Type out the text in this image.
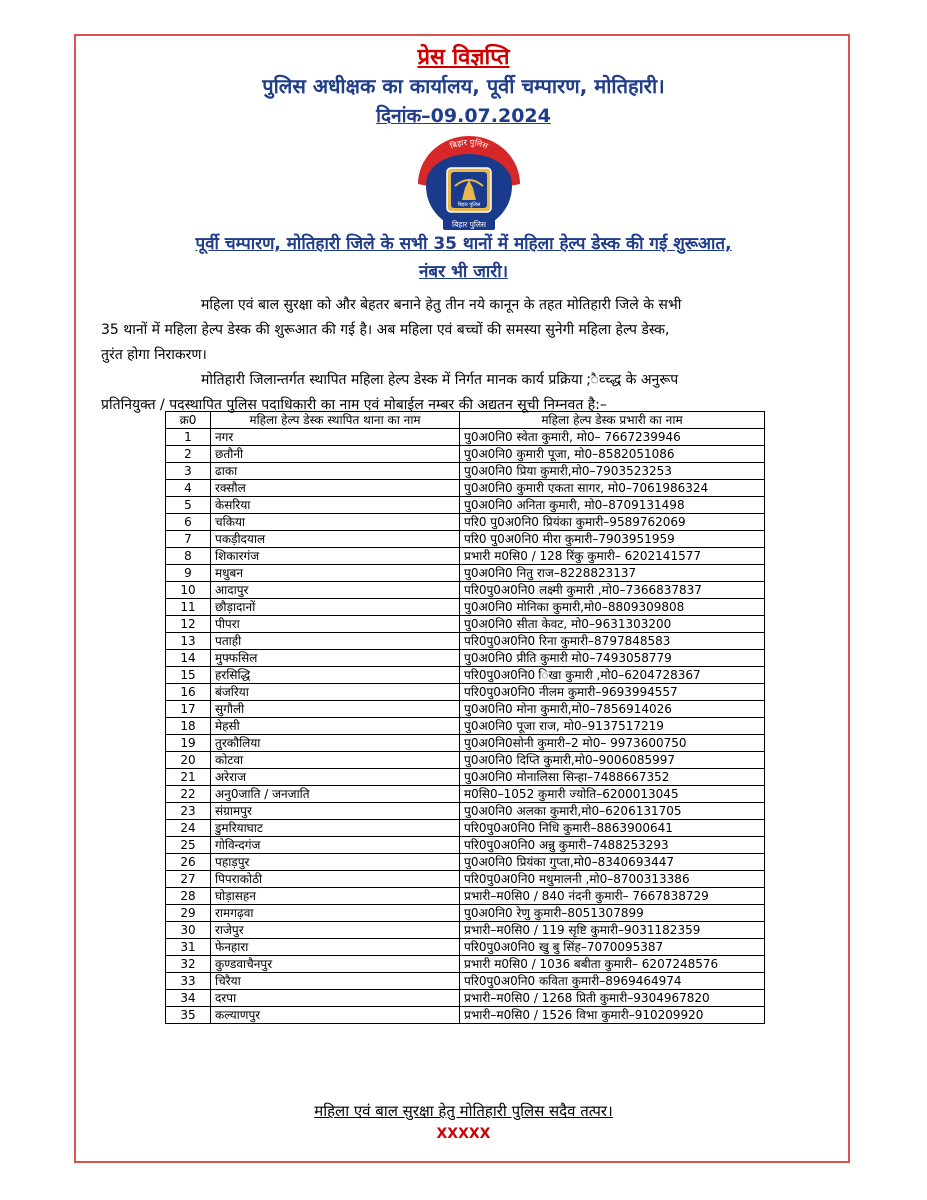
प्रेस विज्ञप्ति
पुलिस अधीक्षक का कार्यालय, पूर्वी चम्पारण, मोतिहारी।
दिनांक–09.07.2024
बिहार पुलिस
बिहार पुलिस
बिहार पुलिस
पूर्वी चम्पारण, मोतिहारी जिले के सभी 35 थानों में महिला हेल्प डेस्क की गई शुरूआत,
नंबर भी जारी।
महिला एवं बाल सुरक्षा को और बेहतर बनाने हेतु तीन नये कानून के तहत मोतिहारी जिले के सभी
35 थानों में महिला हेल्प डेस्क की शुरूआत की गई है। अब महिला एवं बच्चों की समस्या सुनेगी महिला हेल्प डेस्क,
तुरंत होगा निराकरण।
मोतिहारी जिलान्तर्गत स्थापित महिला हेल्प डेस्क में निर्गत मानक कार्य प्रक्रिया ;ैव्च्द्ध के अनुरूप
प्रतिनियुक्त / पदस्थापित पुलिस पदाधिकारी का नाम एवं मोबाईल नम्बर की अद्यतन सूची निम्नवत है:–
क्र0	महिला हेल्प डेस्क स्थापित थाना का नाम	महिला हेल्प डेस्क प्रभारी का नाम
1	नगर	पु0अ0नि0 स्वेता कुमारी, मो0– 7667239946
2	छतौनी	पु0अ0नि0 कुमारी पूजा, मो0–8582051086
3	ढाका	पु0अ0नि0 प्रिया कुमारी,मो0–7903523253
4	रक्सौल	पु0अ0नि0 कुमारी एकता सागर, मो0–7061986324
5	केसरिया	पु0अ0नि0 अनिता कुमारी, मो0–8709131498
6	चकिया	परि0 पु0अ0नि0 प्रियंका कुमारी–9589762069
7	पकड़ीदयाल	परि0 पु0अ0नि0 मीरा कुमारी–7903951959
8	शिकारगंज	प्रभारी म0सि0 / 128 रिंकु कुमारी– 6202141577
9	मधुबन	पु0अ0नि0 नितु राज–8228823137
10	आदापुर	परि0पु0अ0नि0 लक्ष्मी कुमारी ,मो0–7366837837
11	छौड़ादानों	पु0अ0नि0 मोनिका कुमारी,मो0–8809309808
12	पीपरा	पु0अ0नि0 सीता केवट, मो0–9631303200
13	पताही	परि0पु0अ0नि0 रिना कुमारी–8797848583
14	मुफ्फसिल	पु0अ0नि0 प्रीति कुमारी मो0–7493058779
15	हरसिद्धि	परि0पु0अ0नि0 िखा कुमारी ,मो0–6204728367
16	बंजरिया	परि0पु0अ0नि0 नीलम कुमारी–9693994557
17	सुगौली	पु0अ0नि0 मोना कुमारी,मो0–7856914026
18	मेहसी	पु0अ0नि0 पूजा राज, मो0–9137517219
19	तुरकौलिया	पु0अ0नि0सोनी कुमारी–2 मो0– 9973600750
20	कोटवा	पु0अ0नि0 दिप्ति कुमारी,मो0–9006085997
21	अरेराज	पु0अ0नि0 मोनालिसा सिन्हा–7488667352
22	अनु0जाति / जनजाति	म0सि0–1052 कुमारी ज्योति–6200013045
23	संग्रामपुर	पु0अ0नि0 अलका कुमारी,मो0–6206131705
24	डुमरियाघाट	परि0पु0अ0नि0 निधि कुमारी–8863900641
25	गोविन्दगंज	परि0पु0अ0नि0 अन्नु कुमारी–7488253293
26	पहाड़पुर	पु0अ0नि0 प्रियंका गुप्ता,मो0–8340693447
27	पिपराकोठी	परि0पु0अ0नि0 मधुमालनी ,मो0–8700313386
28	घोड़ासहन	प्रभारी–म0सि0 / 840 नंदनी कुमारी– 7667838729
29	रामगढ़वा	पु0अ0नि0 रेणु कुमारी–8051307899
30	राजेपुर	प्रभारी–म0सि0 / 119 सृष्टि कुमारी–9031182359
31	फेनहारा	परि0पु0अ0नि0 खु बु सिंह–7070095387
32	कुण्डवाचैनपुर	प्रभारी म0सि0 / 1036 बबीता कुमारी– 6207248576
33	चिरैया	परि0पु0अ0नि0 कविता कुमारी–8969464974
34	दरपा	प्रभारी–म0सि0 / 1268 प्रिती कुमारी–9304967820
35	कल्याणपुर	प्रभारी–म0सि0 / 1526 विभा कुमारी–910209920
महिला एवं बाल सुरक्षा हेतु मोतिहारी पुलिस सदैव तत्पर।
XXXXX
